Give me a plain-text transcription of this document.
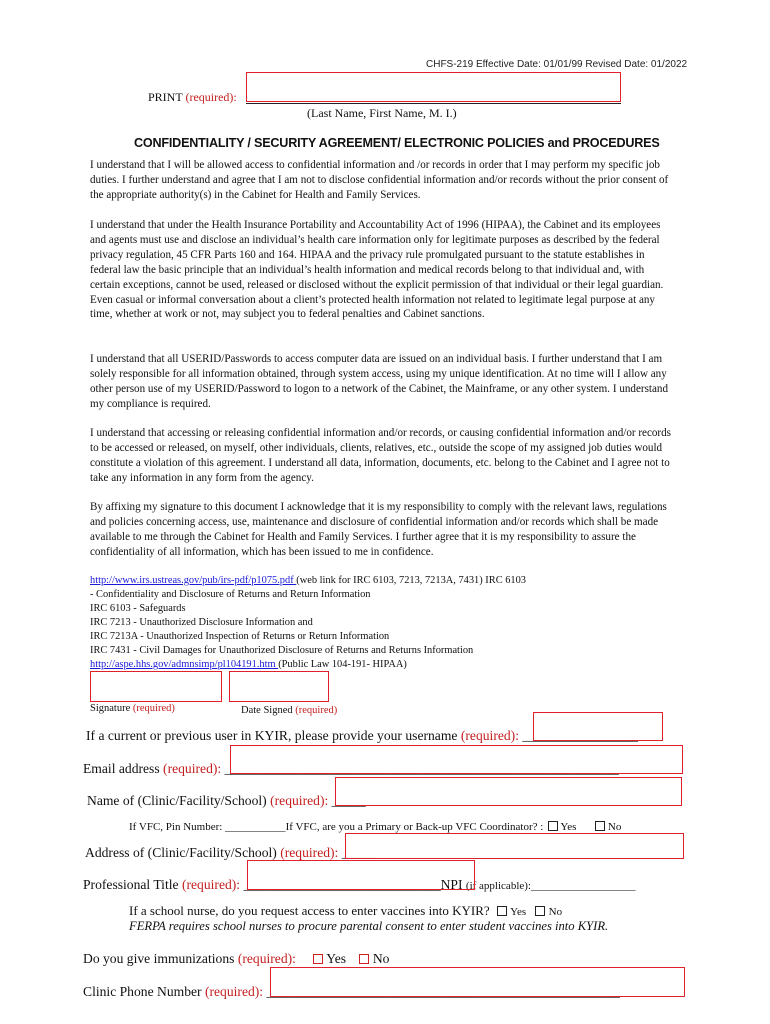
CHFS-219 Effective Date: 01/01/99 Revised Date: 01/2022
PRINT (required):
(Last Name, First Name, M. I.)
CONFIDENTIALITY / SECURITY AGREEMENT/ ELECTRONIC POLICIES and PROCEDURES

I understand that I will be allowed access to confidential information and /or records in order that I may perform my specific job duties. I further understand and agree that I am not to disclose confidential information and/or records without the prior consent of the appropriate authority(s) in the Cabinet for Health and Family Services.

I understand that under the Health Insurance Portability and Accountability Act of 1996 (HIPAA), the Cabinet and its employees and agents must use and disclose an individual’s health care information only for legitimate purposes as described by the federal privacy regulation, 45 CFR Parts 160 and 164. HIPAA and the privacy rule promulgated pursuant to the statute establishes in federal law the basic principle that an individual’s health information and medical records belong to that individual and, with certain exceptions, cannot be used, released or disclosed without the explicit permission of that individual or their legal guardian. Even casual or informal conversation about a client’s protected health information not related to legitimate legal purpose at any time, whether at work or not, may subject you to federal penalties and Cabinet sanctions.

I understand that all USERID/Passwords to access computer data are issued on an individual basis. I further understand that I am solely responsible for all information obtained, through system access, using my unique identification. At no time will I allow any other person use of my USERID/Password to logon to a network of the Cabinet, the Mainframe, or any other system. I understand my compliance is required.

I understand that accessing or releasing confidential information and/or records, or causing confidential information and/or records to be accessed or released, on myself, other individuals, clients, relatives, etc., outside the scope of my assigned job duties would constitute a violation of this agreement. I understand all data, information, documents, etc. belong to the Cabinet and I agree not to take any information in any form from the agency.

By affixing my signature to this document I acknowledge that it is my responsibility to comply with the relevant laws, regulations and policies concerning access, use, maintenance and disclosure of confidential information and/or records which shall be made available to me through the Cabinet for Health and Family Services. I further agree that it is my responsibility to assure the confidentiality of all information, which has been issued to me in confidence.

http://www.irs.ustreas.gov/pub/irs-pdf/p1075.pdf (web link for IRC 6103, 7213, 7213A, 7431) IRC 6103
- Confidentiality and Disclosure of Returns and Return Information
IRC 6103 - Safeguards
IRC 7213 - Unauthorized Disclosure Information and
IRC 7213A - Unauthorized Inspection of Returns or Return Information
IRC 7431 - Civil Damages for Unauthorized Disclosure of Returns and Returns Information
http://aspe.hhs.gov/admnsimp/pl104191.htm (Public Law 104-191- HIPAA)
Signature (required)	Date Signed (required)
If a current or previous user in KYIR, please provide your username (required): _________________
Email address (required): __________________________________________________________
Name of (Clinic/Facility/School) (required): _____
If VFC, Pin Number: ___________If VFC, are you a Primary or Back-up VFC Coordinator? : Yes	No
Address of (Clinic/Facility/School) (required): _____
Professional Title (required): _____________________________NPI (if applicable):___________________
If a school nurse, do you request access to enter vaccines into KYIR? Yes No
FERPA requires school nurses to procure parental consent to enter student vaccines into KYIR.
Do you give immunizations (required): Yes No
Clinic Phone Number (required): ____________________________________________________
